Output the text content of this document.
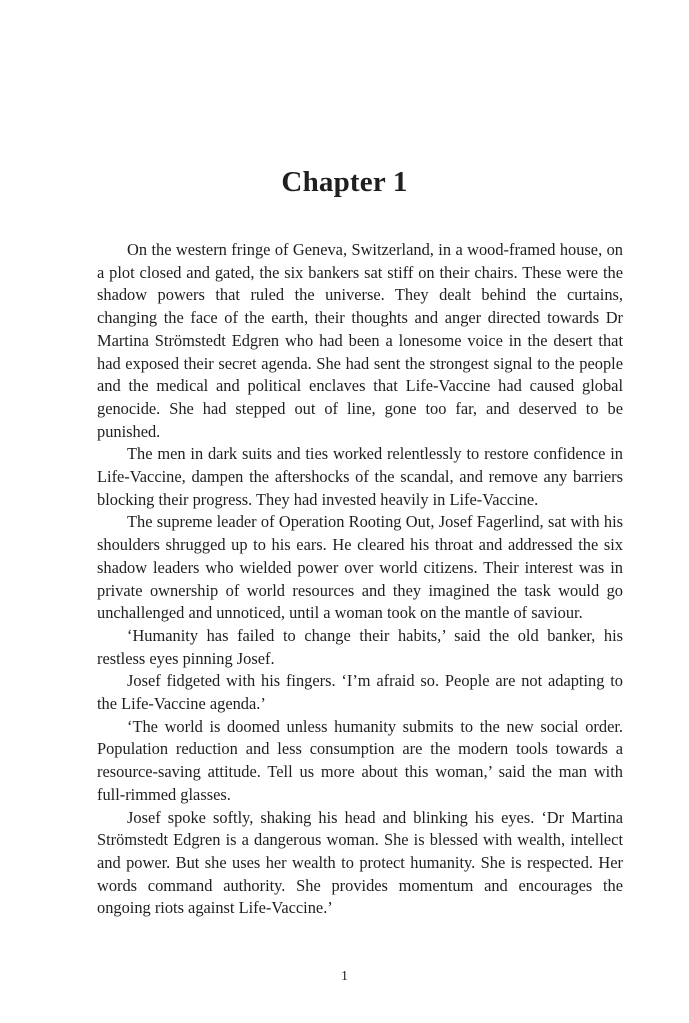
Chapter 1

On the western fringe of Geneva, Switzerland, in a wood-framed house, on a plot closed and gated, the six bankers sat stiff on their chairs. These were the shadow powers that ruled the universe. They dealt behind the curtains, changing the face of the earth, their thoughts and anger directed towards Dr Martina Strömstedt Edgren who had been a lonesome voice in the desert that had exposed their secret agenda. She had sent the strongest signal to the people and the medical and political enclaves that Life-Vaccine had caused global genocide. She had stepped out of line, gone too far, and deserved to be punished.

The men in dark suits and ties worked relentlessly to restore confidence in Life-Vaccine, dampen the aftershocks of the scandal, and remove any barriers blocking their progress. They had invested heavily in Life-Vaccine.

The supreme leader of Operation Rooting Out, Josef Fagerlind, sat with his shoulders shrugged up to his ears. He cleared his throat and addressed the six shadow leaders who wielded power over world citizens. Their interest was in private ownership of world resources and they imagined the task would go unchallenged and unnoticed, until a woman took on the mantle of saviour.

‘Humanity has failed to change their habits,’ said the old banker, his restless eyes pinning Josef.

Josef fidgeted with his fingers. ‘I’m afraid so. People are not adapting to the Life-Vaccine agenda.’

‘The world is doomed unless humanity submits to the new social order. Population reduction and less consumption are the modern tools towards a resource-saving attitude. Tell us more about this woman,’ said the man with full-rimmed glasses.

Josef spoke softly, shaking his head and blinking his eyes. ‘Dr Martina Strömstedt Edgren is a dangerous woman. She is blessed with wealth, intellect and power. But she uses her wealth to protect humanity. She is respected. Her words command authority. She provides momentum and encourages the ongoing riots against Life-Vaccine.’

1
